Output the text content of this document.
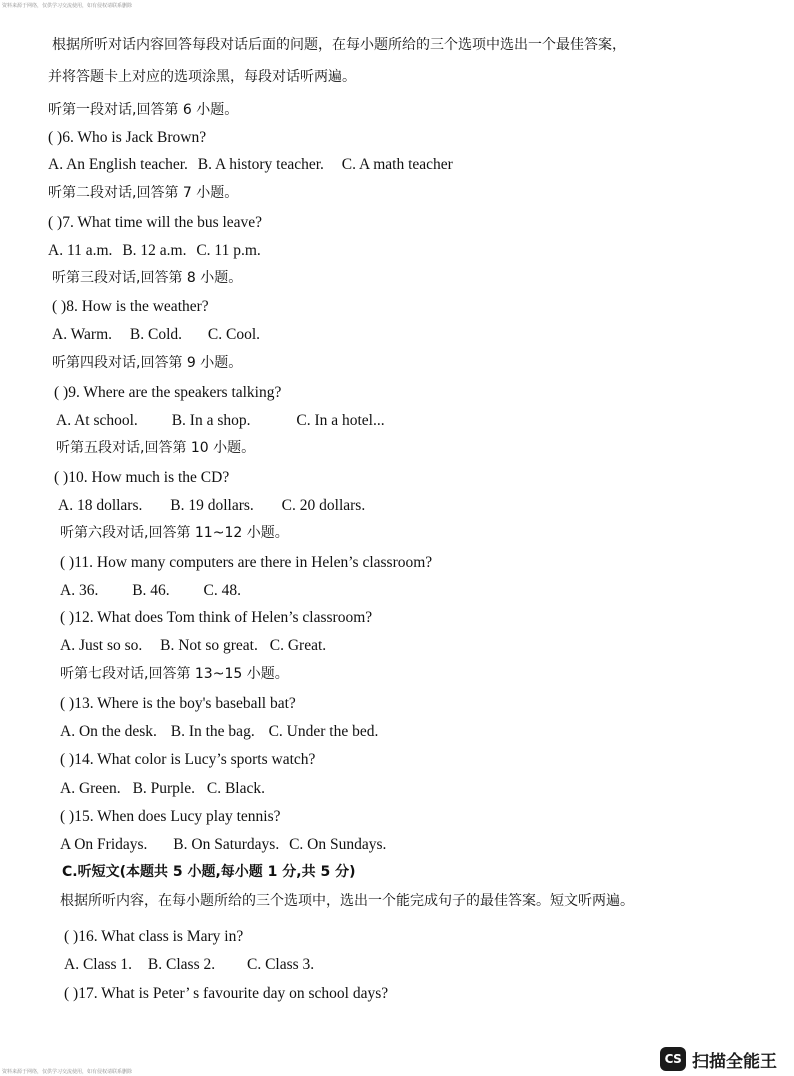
资料来源于网络，仅供学习交流使用，如有侵权请联系删除
根据所听对话内容回答每段对话后面的问题，在每小题所给的三个选项中选出一个最佳答案，
并将答题卡上对应的选项涂黑，每段对话听两遍。
听第一段对话,回答第 6 小题。
( )6. Who is Jack Brown?
A. An English teacher. B. A history teacher. C. A math teacher
听第二段对话,回答第 7 小题。
( )7. What time will the bus leave?
A. 11 a.m. B. 12 a.m. C. 11 p.m.
听第三段对话,回答第 8 小题。
( )8. How is the weather?
A. Warm. B. Cold. C. Cool.
听第四段对话,回答第 9 小题。
( )9. Where are the speakers talking?
A. At school. B. In a shop.	C. In a hotel...
听第五段对话,回答第 10 小题。
( )10. How much is the CD?
A. 18 dollars. B. 19 dollars. C. 20 dollars.
听第六段对话,回答第 11~12 小题。
( )11. How many computers are there in Helen’s classroom?
A. 36. B. 46. C. 48.
( )12. What does Tom think of Helen’s classroom?
A. Just so so. B. Not so great. C. Great.
听第七段对话,回答第 13~15 小题。
( )13. Where is the boy's baseball bat?
A. On the desk. B. In the bag. C. Under the bed.
( )14. What color is Lucy’s sports watch?
A. Green. B. Purple. C. Black.
( )15. When does Lucy play tennis?
A On Fridays. B. On Saturdays. C. On Sundays.
C.听短文(本题共 5 小题,每小题 1 分,共 5 分)
根据所听内容，在每小题所给的三个选项中，选出一个能完成句子的最佳答案。短文听两遍。
( )16. What class is Mary in?
A. Class 1. B. Class 2. C. Class 3.
( )17. What is Peter’ s favourite day on school days?
资料来源于网络，仅供学习交流使用，如有侵权请联系删除
CS 扫描全能王
